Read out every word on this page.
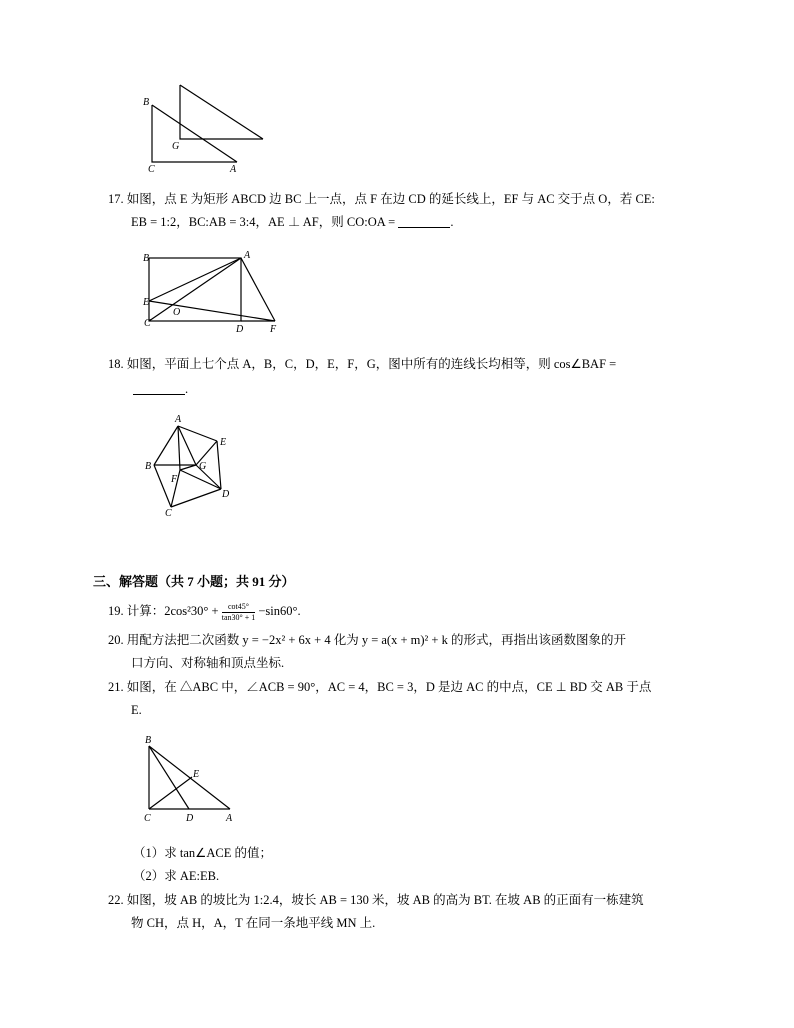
B
G
C	A
17. 如图，点 E 为矩形 ABCD 边 BC 上一点，点 F 在边 CD 的延长线上，EF 与 AC 交于点 O，若 CE:
EB = 1:2，BC:AB = 3:4，AE ⊥ AF，则 CO:OA =	.
B	A
E
O
C
D	F
18. 如图，平面上七个点 A，B，C，D，E，F，G，图中所有的连线长均相等，则 cos∠BAF =
.
A
E
B	G
F
D
C
三、解答题（共 7 小题；共 91 分）
19. 计算：$2\cos^230^\circ + \frac{\cot 45^\circ}{\tan 30^\circ + 1} -\sin 60^\circ$.
20. 用配方法把二次函数 y = −2x² + 6x + 4 化为 y = a(x + m)² + k 的形式，再指出该函数图象的开
口方向、对称轴和顶点坐标.
21. 如图，在 △ABC 中，∠ACB = 90°，AC = 4，BC = 3，D 是边 AC 的中点，CE ⊥ BD 交 AB 于点
E.
B
E
C	D	A
（1）求 tan∠ACE 的值；
（2）求 AE:EB.
22. 如图，坡 AB 的坡比为 1:2.4，坡长 AB = 130 米，坡 AB 的高为 BT. 在坡 AB 的正面有一栋建筑
物 CH，点 H，A，T 在同一条地平线 MN 上.
